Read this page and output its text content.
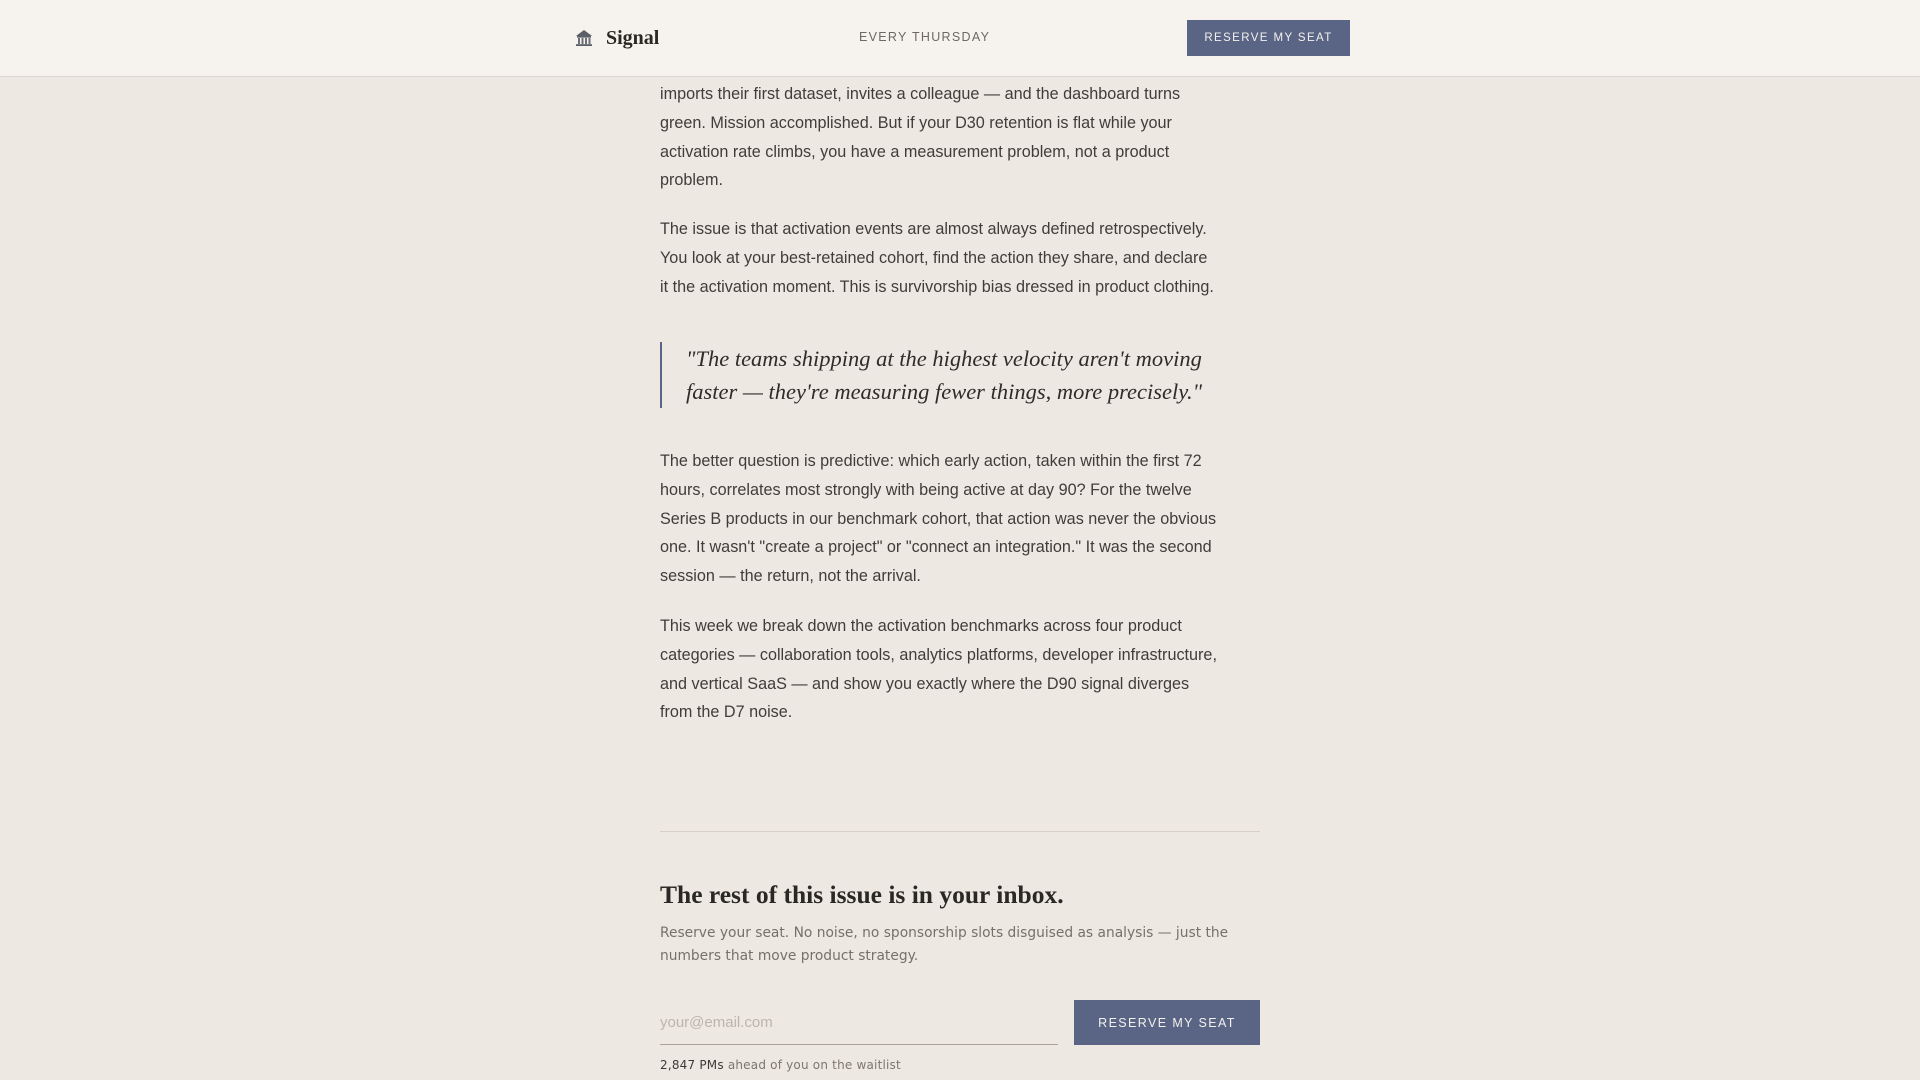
imports their first dataset, invites a colleague — and the dashboard turns green. Mission accomplished. But if your D30 retention is flat while your activation rate climbs, you have a measurement problem, not a product problem.

The issue is that activation events are almost always defined retrospectively. You look at your best-retained cohort, find the action they share, and declare it the activation moment. This is survivorship bias dressed in product clothing.

"The teams shipping at the highest velocity aren't moving faster — they're measuring fewer things, more precisely."

The better question is predictive: which early action, taken within the first 72 hours, correlates most strongly with being active at day 90? For the twelve Series B products in our benchmark cohort, that action was never the obvious one. It wasn't "create a project" or "connect an integration." It was the second session — the return, not the arrival.

This week we break down the activation benchmarks across four product categories — collaboration tools, analytics platforms, developer infrastructure, and vertical SaaS — and show you exactly where the D90 signal diverges from the D7 noise.

Signal	EVERY THURSDAY	RESERVE MY SEAT
The rest of this issue is in your inbox.

Reserve your seat. No noise, no sponsorship slots disguised as analysis — just the numbers that move product strategy.

your@email.com
RESERVE MY SEAT

2,847 PMs ahead of you on the waitlist
